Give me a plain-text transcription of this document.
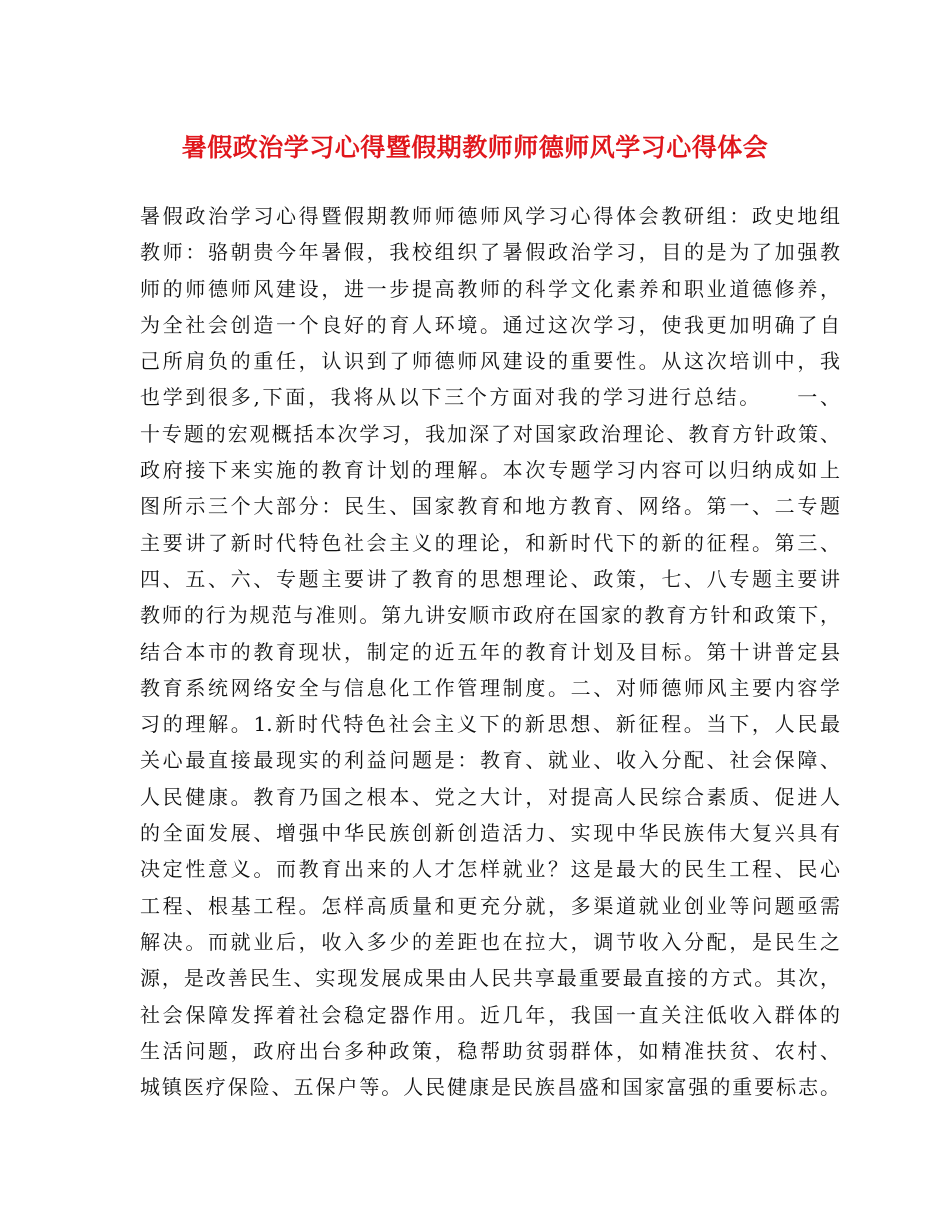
暑假政治学习心得暨假期教师师德师风学习心得体会
暑假政治学习心得暨假期教师师德师风学习心得体会教研组：政史地组
教师：骆朝贵今年暑假，我校组织了暑假政治学习，目的是为了加强教
师的师德师风建设，进一步提高教师的科学文化素养和职业道德修养，
为全社会创造一个良好的育人环境。通过这次学习，使我更加明确了自
己所肩负的重任，认识到了师德师风建设的重要性。从这次培训中，我
也学到很多,下面，我将从以下三个方面对我的学习进行总结。　　一、
十专题的宏观概括本次学习，我加深了对国家政治理论、教育方针政策、
政府接下来实施的教育计划的理解。本次专题学习内容可以归纳成如上
图所示三个大部分：民生、国家教育和地方教育、网络。第一、二专题
主要讲了新时代特色社会主义的理论，和新时代下的新的征程。第三、
四、五、六、专题主要讲了教育的思想理论、政策，七、八专题主要讲
教师的行为规范与准则。第九讲安顺市政府在国家的教育方针和政策下，
结合本市的教育现状，制定的近五年的教育计划及目标。第十讲普定县
教育系统网络安全与信息化工作管理制度。二、对师德师风主要内容学
习的理解。1.新时代特色社会主义下的新思想、新征程。当下，人民最
关心最直接最现实的利益问题是：教育、就业、收入分配、社会保障、
人民健康。教育乃国之根本、党之大计，对提高人民综合素质、促进人
的全面发展、增强中华民族创新创造活力、实现中华民族伟大复兴具有
决定性意义。而教育出来的人才怎样就业？这是最大的民生工程、民心
工程、根基工程。怎样高质量和更充分就，多渠道就业创业等问题亟需
解决。而就业后，收入多少的差距也在拉大，调节收入分配，是民生之
源，是改善民生、实现发展成果由人民共享最重要最直接的方式。其次，
社会保障发挥着社会稳定器作用。近几年，我国一直关注低收入群体的
生活问题，政府出台多种政策，稳帮助贫弱群体，如精准扶贫、农村、
城镇医疗保险、五保户等。人民健康是民族昌盛和国家富强的重要标志。
